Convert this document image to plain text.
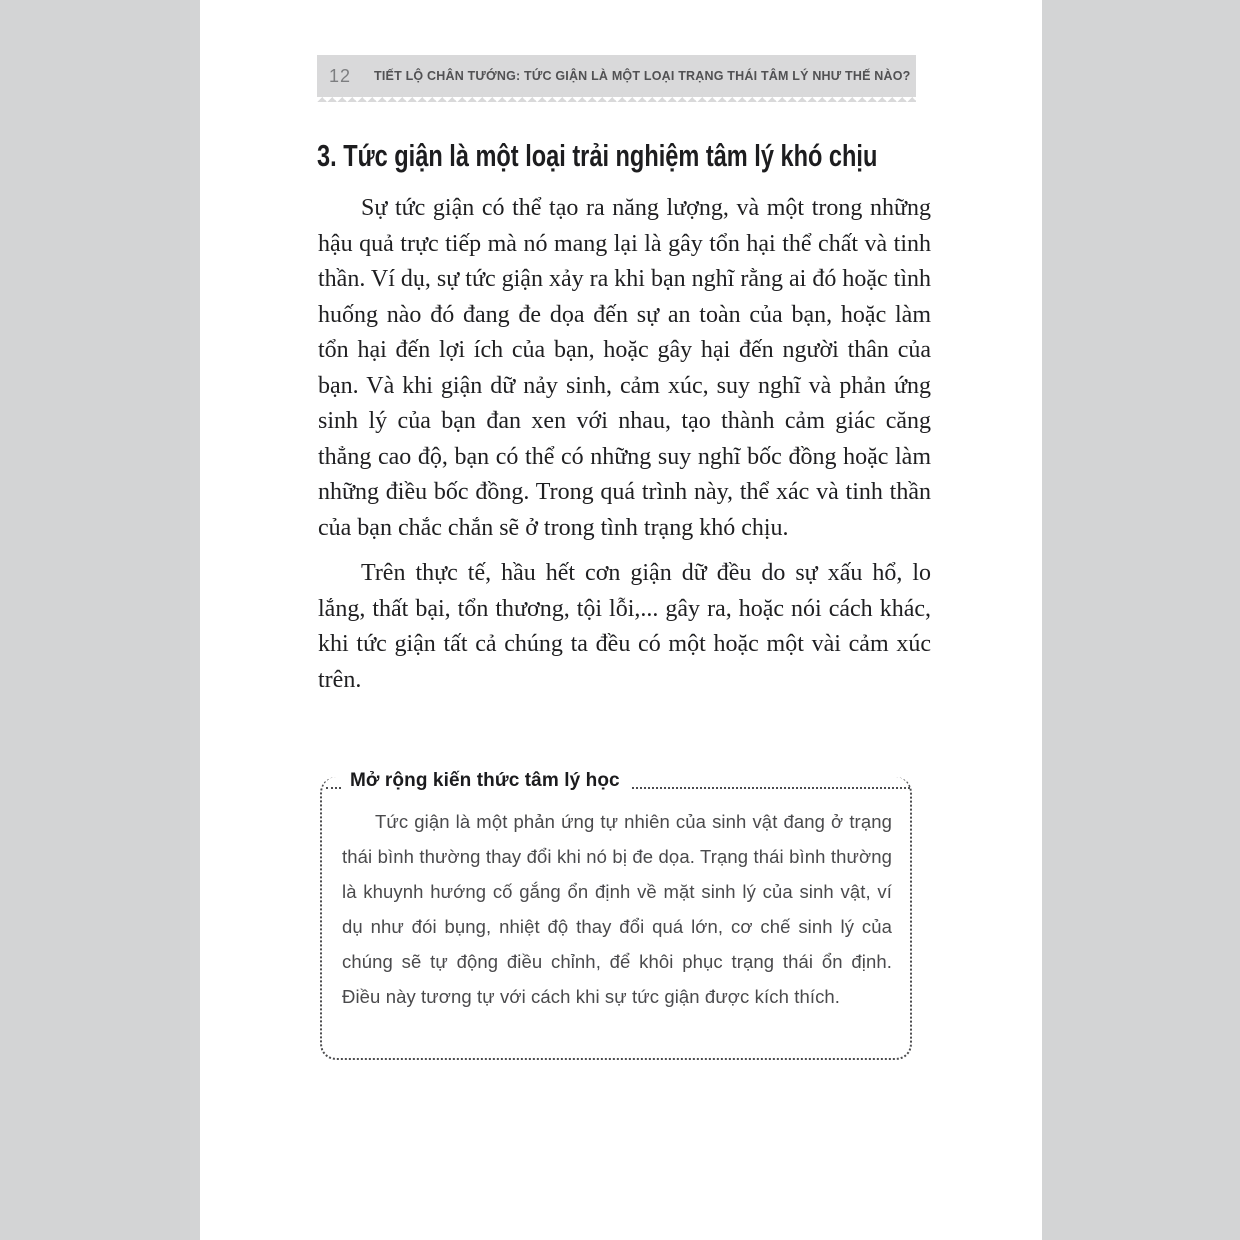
12 TIẾT LỘ CHÂN TƯỚNG: TỨC GIẬN LÀ MỘT LOẠI TRẠNG THÁI TÂM LÝ NHƯ THẾ NÀO?
3. Tức giận là một loại trải nghiệm tâm lý khó chịu

Sự tức giận có thể tạo ra năng lượng, và một trong những hậu quả trực tiếp mà nó mang lại là gây tổn hại thể chất và tinh thần. Ví dụ, sự tức giận xảy ra khi bạn nghĩ rằng ai đó hoặc tình huống nào đó đang đe dọa đến sự an toàn của bạn, hoặc làm tổn hại đến lợi ích của bạn, hoặc gây hại đến người thân của bạn. Và khi giận dữ nảy sinh, cảm xúc, suy nghĩ và phản ứng sinh lý của bạn đan xen với nhau, tạo thành cảm giác căng thẳng cao độ, bạn có thể có những suy nghĩ bốc đồng hoặc làm những điều bốc đồng. Trong quá trình này, thể xác và tinh thần của bạn chắc chắn sẽ ở trong tình trạng khó chịu.

Trên thực tế, hầu hết cơn giận dữ đều do sự xấu hổ, lo lắng, thất bại, tổn thương, tội lỗi,... gây ra, hoặc nói cách khác, khi tức giận tất cả chúng ta đều có một hoặc một vài cảm xúc trên.

Mở rộng kiến thức tâm lý học

Tức giận là một phản ứng tự nhiên của sinh vật đang ở trạng thái bình thường thay đổi khi nó bị đe dọa. Trạng thái bình thường là khuynh hướng cố gắng ổn định về mặt sinh lý của sinh vật, ví dụ như đói bụng, nhiệt độ thay đổi quá lớn, cơ chế sinh lý của chúng sẽ tự động điều chỉnh, để khôi phục trạng thái ổn định. Điều này tương tự với cách khi sự tức giận được kích thích.
